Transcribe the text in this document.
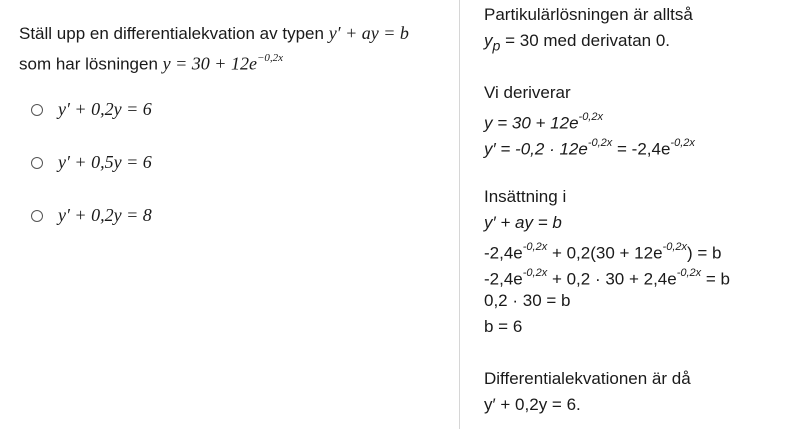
Ställ upp en differentialekvation av typen y′ + ay = b
som har lösningen $y = 30 + 12e^{-0,2x}$
y′ + 0,2y = 6
y′ + 0,5y = 6
y′ + 0,2y = 8
Partikulärlösningen är alltså
$y_p = 30$ med derivatan 0.
Vi deriverar
$y = 30 + 12e^{-0,2x}$
$y' = -0,2 \cdot 12e^{-0,2x} = -2,4e^{-0,2x}$
Insättning i
y′ + ay = b
$-2,4e^{-0,2x} + 0,2(30 + 12e^{-0,2x}) = b$
$-2,4e^{-0,2x} + 0,2 \cdot 30 + 2,4e^{-0,2x} = b$
0,2 · 30 = b
b = 6
Differentialekvationen är då
y′ + 0,2y = 6.
